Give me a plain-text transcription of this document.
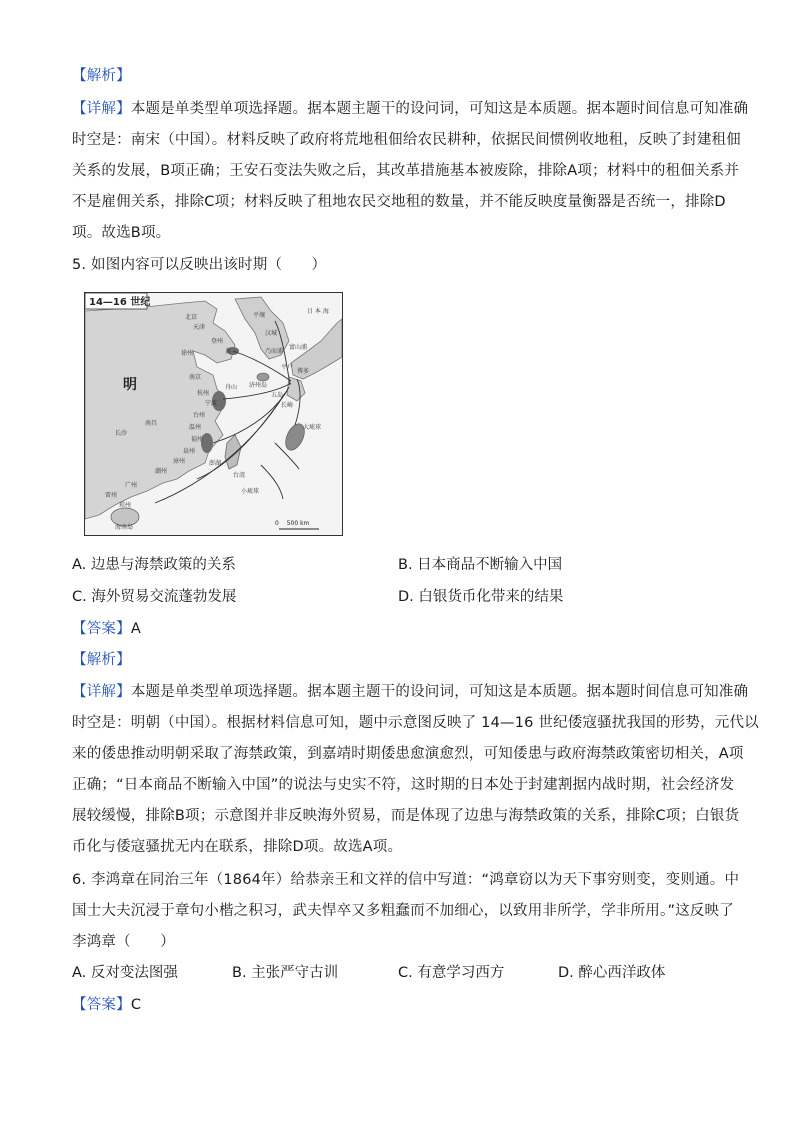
【解析】
【详解】本题是单类型单项选择题。据本题主题干的设问词，可知这是本质题。据本题时间信息可知准确
时空是：南宋（中国）。材料反映了政府将荒地租佃给农民耕种，依据民间惯例收地租，反映了封建租佃
关系的发展，B项正确；王安石变法失败之后，其改革措施基本被废除，排除A项；材料中的租佃关系并
不是雇佣关系，排除C项；材料反映了租地农民交地租的数量，并不能反映度量衡器是否统一，排除D
项。故选B项。
5. 如图内容可以反映出该时期（　　）
14—16 世纪
明
北京
天津
平壤
汉城
日 本 海
登州
黄	乃而浦
富山浦
济州岛
徐州
南京
杭州
舟山
宁波
台州
温州
福州
泉州
漳州
潮州
广州
长沙
南昌
台湾
小琉球
大琉球
海南岛
琼州
雷州
澎湖
五岛
平户
长崎
博多
0　 500 km
A. 边患与海禁政策的关系	B. 日本商品不断输入中国
C. 海外贸易交流蓬勃发展	D. 白银货币化带来的结果
【答案】A
【解析】
【详解】本题是单类型单项选择题。据本题主题干的设问词，可知这是本质题。据本题时间信息可知准确
时空是：明朝（中国）。根据材料信息可知，题中示意图反映了 14—16 世纪倭寇骚扰我国的形势，元代以
来的倭患推动明朝采取了海禁政策，到嘉靖时期倭患愈演愈烈，可知倭患与政府海禁政策密切相关，A项
正确；“日本商品不断输入中国”的说法与史实不符，这时期的日本处于封建割据内战时期，社会经济发
展较缓慢，排除B项；示意图并非反映海外贸易，而是体现了边患与海禁政策的关系，排除C项；白银货
币化与倭寇骚扰无内在联系，排除D项。故选A项。
6. 李鸿章在同治三年（1864年）给恭亲王和文祥的信中写道：“鸿章窃以为天下事穷则变，变则通。中
国士大夫沉浸于章句小楷之积习，武夫悍卒又多粗蠢而不加细心，以致用非所学，学非所用。”这反映了
李鸿章（　　）
A. 反对变法图强	B. 主张严守古训	C. 有意学习西方	D. 醉心西洋政体
【答案】C
